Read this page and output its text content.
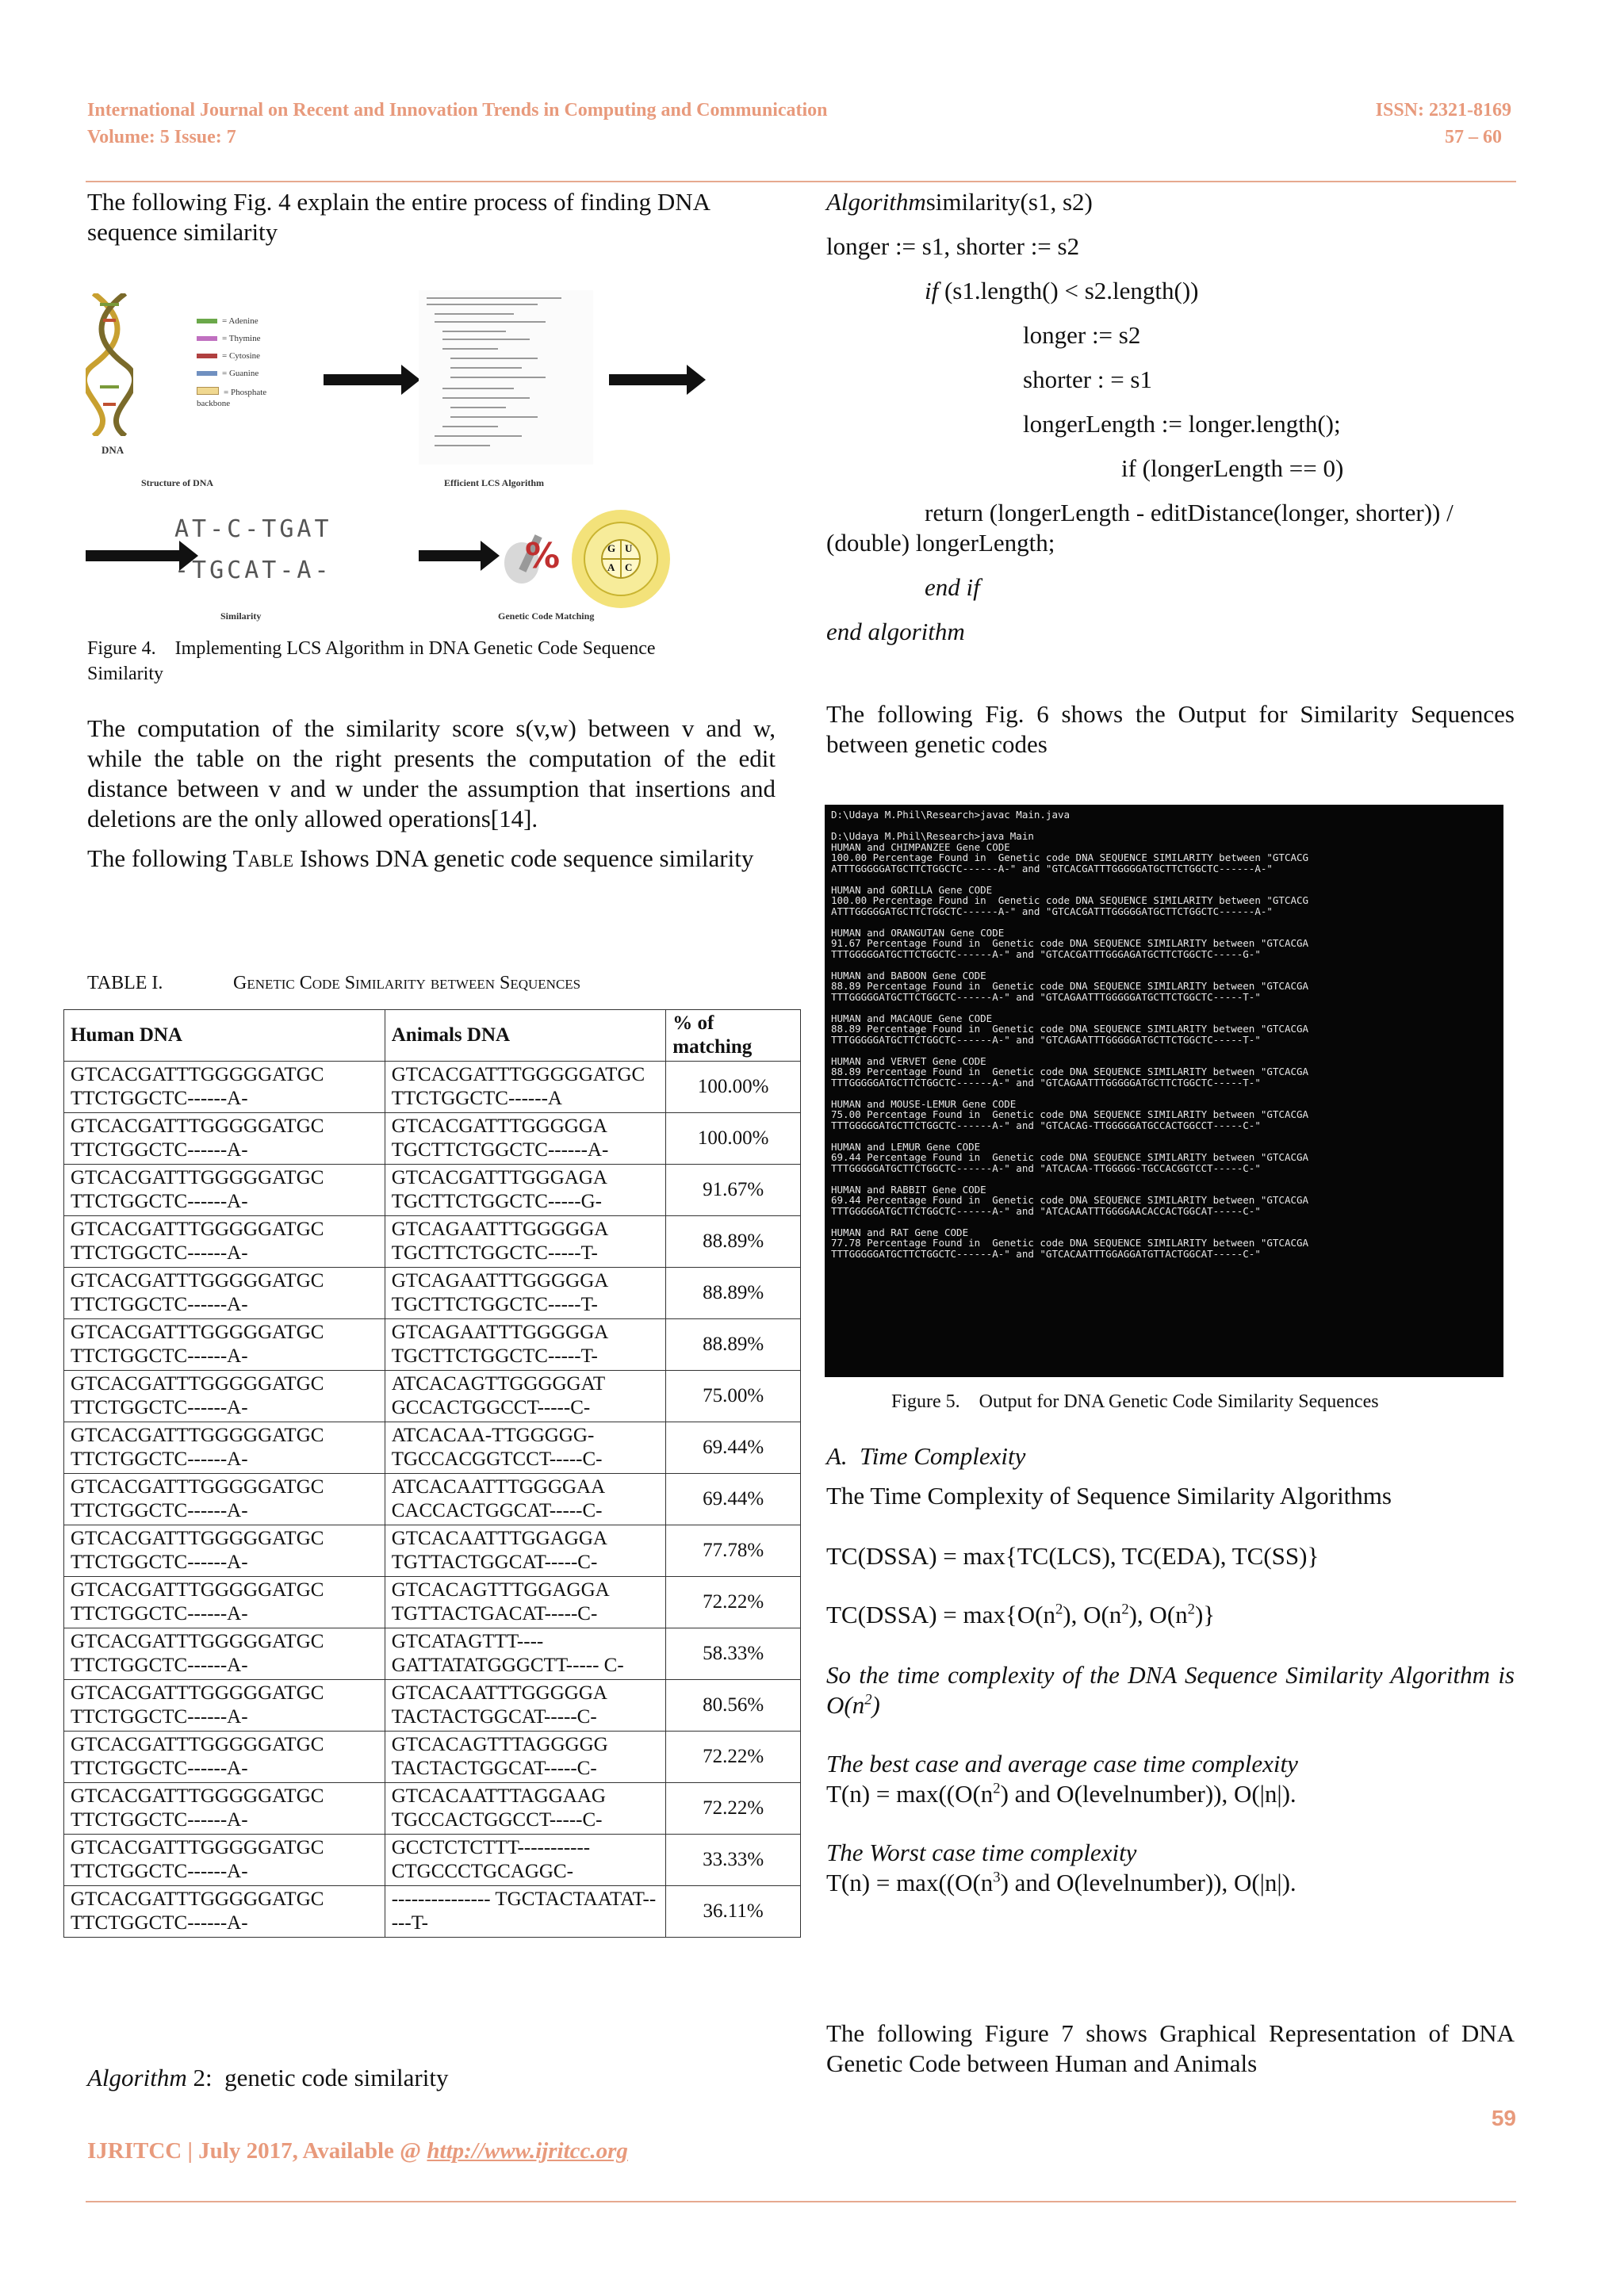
International Journal on Recent and Innovation Trends in Computing and Communication
Volume: 5 Issue: 7
ISSN: 2321-8169
57 – 60
The following Fig. 4 explain the entire process of finding DNA sequence similarity
DNA
= Adenine
= Thymine
= Cytosine
= Guanine
= Phosphate backbone
Structure of DNA	Efficient LCS Algorithm
AT-C-TGAT
-TGCAT-A-
Similarity
%	G U
A C
Genetic Code Matching
Figure 4.    Implementing LCS Algorithm in DNA Genetic Code Sequence Similarity
The computation of the similarity score s(v,w) between v and w, while the table on the right presents the computation of the edit distance between v and w under the assumption that insertions and deletions are the only allowed operations[14].
The following Table Ishows DNA genetic code sequence similarity
TABLE I.	Genetic Code Similarity between Sequences
Human DNA	Animals DNA	% of matching
GTCACGATTTGGGGGATGC TTCTGGCTC------A-	GTCACGATTTGGGGGATGC TTCTGGCTC------A	100.00%
GTCACGATTTGGGGGATGC TTCTGGCTC------A-	GTCACGATTTGGGGGA TGCTTCTGGCTC------A-	100.00%
GTCACGATTTGGGGGATGC TTCTGGCTC------A-	GTCACGATTTGGGAGA TGCTTCTGGCTC-----G-	91.67%
GTCACGATTTGGGGGATGC TTCTGGCTC------A-	GTCAGAATTTGGGGGA TGCTTCTGGCTC-----T-	88.89%
GTCACGATTTGGGGGATGC TTCTGGCTC------A-	GTCAGAATTTGGGGGA TGCTTCTGGCTC-----T-	88.89%
GTCACGATTTGGGGGATGC TTCTGGCTC------A-	GTCAGAATTTGGGGGA TGCTTCTGGCTC-----T-	88.89%
GTCACGATTTGGGGGATGC TTCTGGCTC------A-	ATCACAGTTGGGGGAT GCCACTGGCCT-----C-	75.00%
GTCACGATTTGGGGGATGC TTCTGGCTC------A-	ATCACAA-TTGGGGG- TGCCACGGTCCT-----C-	69.44%
GTCACGATTTGGGGGATGC TTCTGGCTC------A-	ATCACAATTTGGGGAA CACCACTGGCAT-----C-	69.44%
GTCACGATTTGGGGGATGC TTCTGGCTC------A-	GTCACAATTTGGAGGA TGTTACTGGCAT-----C-	77.78%
GTCACGATTTGGGGGATGC TTCTGGCTC------A-	GTCACAGTTTGGAGGA TGTTACTGACAT-----C-	72.22%
GTCACGATTTGGGGGATGC TTCTGGCTC------A-	GTCATAGTTT---- GATTATATGGGCTT----- C-	58.33%
GTCACGATTTGGGGGATGC TTCTGGCTC------A-	GTCACAATTTGGGGGA TACTACTGGCAT-----C-	80.56%
GTCACGATTTGGGGGATGC TTCTGGCTC------A-	GTCACAGTTTAGGGGG TACTACTGGCAT-----C-	72.22%
GTCACGATTTGGGGGATGC TTCTGGCTC------A-	GTCACAATTTAGGAAG TGCCACTGGCCT-----C-	72.22%
GTCACGATTTGGGGGATGC TTCTGGCTC------A-	GCCTCTCTTT----------- CTGCCCTGCAGGC-	33.33%
GTCACGATTTGGGGGATGC TTCTGGCTC------A-	--------------- TGCTACTAATAT-----T-	36.11%
Algorithm 2:  genetic code similarity
Algorithmsimilarity(s1, s2)
longer := s1, shorter := s2
if (s1.length() < s2.length())
longer := s2
shorter : = s1
longerLength := longer.length();
if (longerLength == 0)
return (longerLength - editDistance(longer, shorter)) /
(double) longerLength;
end if
end algorithm
The following Fig. 6 shows the Output for Similarity Sequences between genetic codes
D:\Udaya M.Phil\Research>javac Main.java

D:\Udaya M.Phil\Research>java Main
HUMAN and CHIMPANZEE Gene CODE
100.00 Percentage Found in  Genetic code DNA SEQUENCE SIMILARITY between "GTCACG
ATTTGGGGGATGCTTCTGGCTC------A-" and "GTCACGATTTGGGGGATGCTTCTGGCTC------A-"

HUMAN and GORILLA Gene CODE
100.00 Percentage Found in  Genetic code DNA SEQUENCE SIMILARITY between "GTCACG
ATTTGGGGGATGCTTCTGGCTC------A-" and "GTCACGATTTGGGGGATGCTTCTGGCTC------A-"

HUMAN and ORANGUTAN Gene CODE
91.67 Percentage Found in  Genetic code DNA SEQUENCE SIMILARITY between "GTCACGA
TTTGGGGGATGCTTCTGGCTC------A-" and "GTCACGATTTGGGAGATGCTTCTGGCTC-----G-"

HUMAN and BABOON Gene CODE
88.89 Percentage Found in  Genetic code DNA SEQUENCE SIMILARITY between "GTCACGA
TTTGGGGGATGCTTCTGGCTC------A-" and "GTCAGAATTTGGGGGATGCTTCTGGCTC-----T-"

HUMAN and MACAQUE Gene CODE
88.89 Percentage Found in  Genetic code DNA SEQUENCE SIMILARITY between "GTCACGA
TTTGGGGGATGCTTCTGGCTC------A-" and "GTCAGAATTTGGGGGATGCTTCTGGCTC-----T-"

HUMAN and VERVET Gene CODE
88.89 Percentage Found in  Genetic code DNA SEQUENCE SIMILARITY between "GTCACGA
TTTGGGGGATGCTTCTGGCTC------A-" and "GTCAGAATTTGGGGGATGCTTCTGGCTC-----T-"

HUMAN and MOUSE-LEMUR Gene CODE
75.00 Percentage Found in  Genetic code DNA SEQUENCE SIMILARITY between "GTCACGA
TTTGGGGGATGCTTCTGGCTC------A-" and "GTCACAG-TTGGGGGATGCCACTGGCCT-----C-"

HUMAN and LEMUR Gene CODE
69.44 Percentage Found in  Genetic code DNA SEQUENCE SIMILARITY between "GTCACGA
TTTGGGGGATGCTTCTGGCTC------A-" and "ATCACAA-TTGGGGG-TGCCACGGTCCT-----C-"

HUMAN and RABBIT Gene CODE
69.44 Percentage Found in  Genetic code DNA SEQUENCE SIMILARITY between "GTCACGA
TTTGGGGGATGCTTCTGGCTC------A-" and "ATCACAATTTGGGGAACACCACTGGCAT-----C-"

HUMAN and RAT Gene CODE
77.78 Percentage Found in  Genetic code DNA SEQUENCE SIMILARITY between "GTCACGA
TTTGGGGGATGCTTCTGGCTC------A-" and "GTCACAATTTGGAGGATGTTACTGGCAT-----C-"
Figure 5.    Output for DNA Genetic Code Similarity Sequences
A.  Time Complexity
The Time Complexity of Sequence Similarity Algorithms
TC(DSSA) = max{TC(LCS), TC(EDA), TC(SS)}
TC(DSSA) = $\max\{O(n^2)$, $O(n^2)$, $O(n^2)$}
So the time complexity of the DNA Sequence Similarity Algorithm is $O(n^2)$
The best case and average case time complexity
$T(n) = \max((O(n^2)$ and O(levelnumber)), O(|n|).
The Worst case time complexity
$T(n) = \max((O(n^3)$ and O(levelnumber)), O(|n|).
The following Figure 7 shows Graphical Representation of DNA Genetic Code between Human and Animals
59
IJRITCC | July 2017, Available @ http://www.ijritcc.org
